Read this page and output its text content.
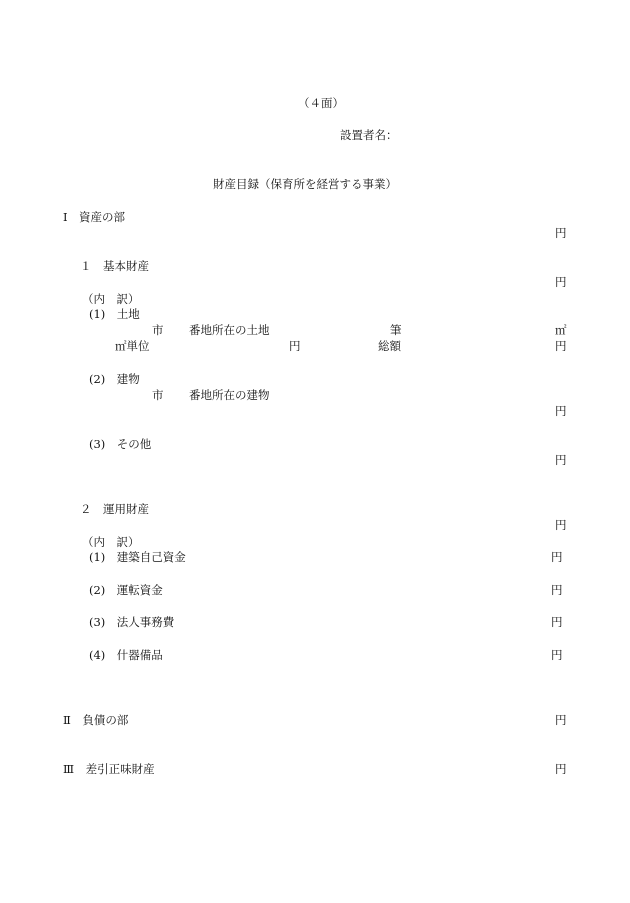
（４面）
設置者名：
財産目録（保育所を経営する事業）
Ⅰ　資産の部
円
１　基本財産
円
（内　訳）
(1)　土地
市 番地所在の土地	筆	㎡
㎡単位	円	総額	円
(2)　建物
市 番地所在の建物
円
(3)　その他
円
２　運用財産
円
（内　訳）
(1)　建築自己資金	円
(2)　運転資金	円
(3)　法人事務費	円
(4)　什器備品	円
Ⅱ　負債の部	円
Ⅲ　差引正味財産	円
